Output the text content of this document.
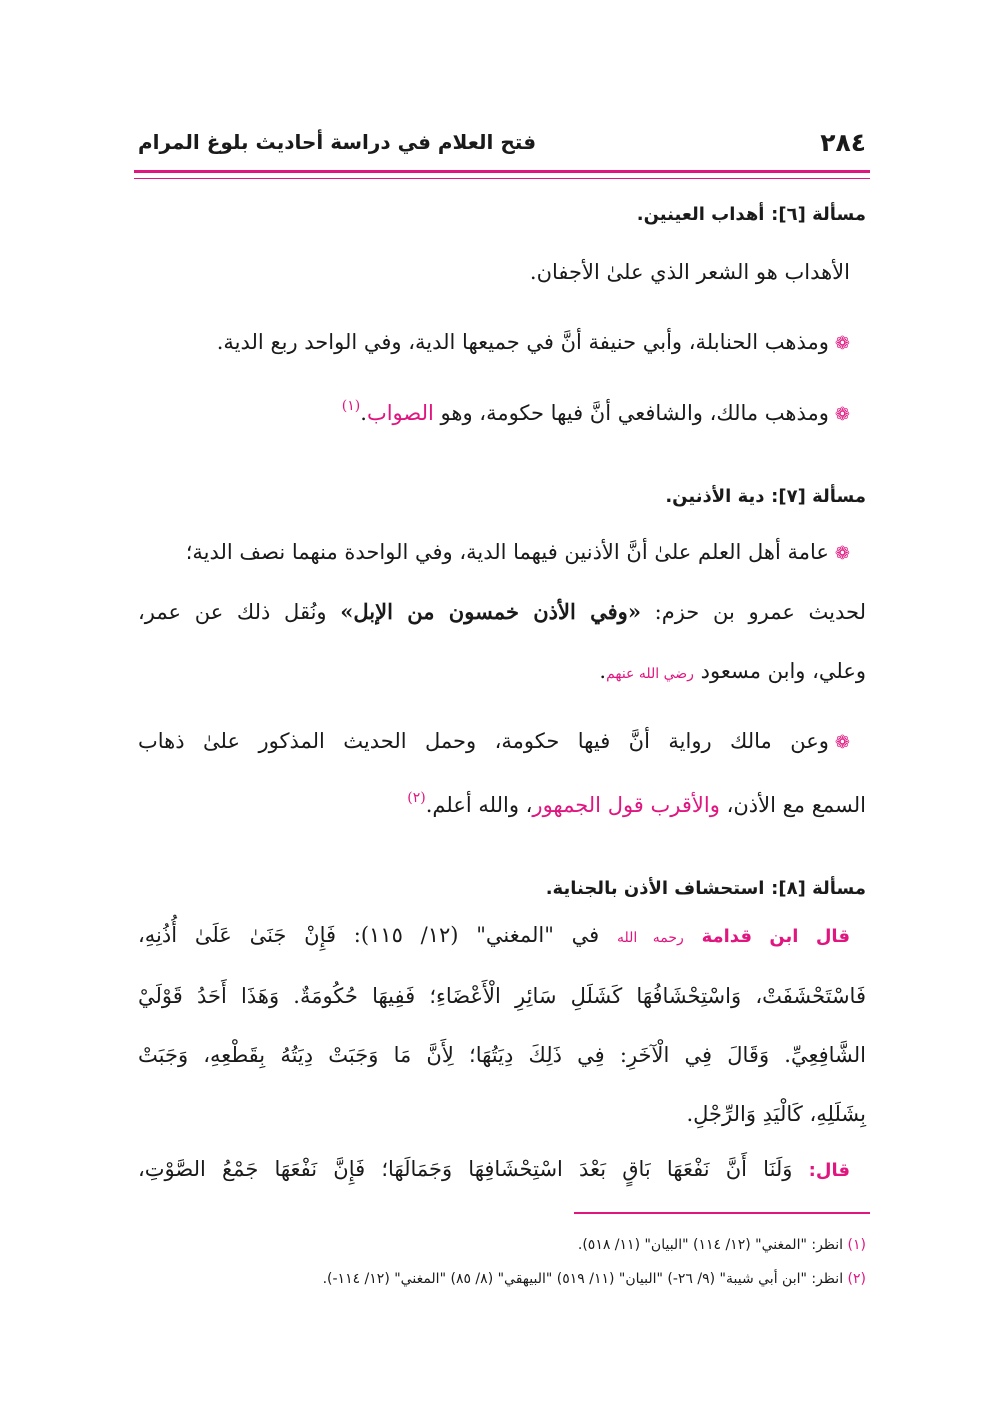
٢٨٤
فتح العلام في دراسة أحاديث بلوغ المرام
مسألة [٦]: أهداب العينين.
الأهداب هو الشعر الذي علىٰ الأجفان.
❁ومذهب الحنابلة، وأبي حنيفة أنَّ في جميعها الدية، وفي الواحد ربع الدية.
❁ومذهب مالك، والشافعي أنَّ فيها حكومة، وهو الصواب.$^{(١)}$
مسألة [٧]: دية الأذنين.
❁عامة أهل العلم علىٰ أنَّ الأذنين فيهما الدية، وفي الواحدة منهما نصف الدية؛
لحديث عمرو بن حزم: «وفي الأذن خمسون من الإبل» ونُقل ذلك عن عمر،
وعلي، وابن مسعود رضي الله عنهم.
❁وعن مالك رواية أنَّ فيها حكومة، وحمل الحديث المذكور علىٰ ذهاب
السمع مع الأذن، والأقرب قول الجمهور، والله أعلم.$^{(٢)}$
مسألة [٨]: استحشاف الأذن بالجناية.
قال ابن قدامة رحمه الله في "المغني" (١٢/ ١١٥): فَإِنْ جَنَىٰ عَلَىٰ أُذُنِهِ،
فَاسْتَحْشَفَتْ، وَاسْتِحْشَافُهَا كَشَلَلِ سَائِرِ الْأَعْضَاءِ؛ فَفِيهَا حُكُومَةٌ. وَهَذَا أَحَدُ قَوْلَيْ
الشَّافِعِيِّ. وَقَالَ فِي الْآخَرِ: فِي ذَلِكَ دِيَتُهَا؛ لِأَنَّ مَا وَجَبَتْ دِيَتُهُ بِقَطْعِهِ، وَجَبَتْ
بِشَلَلِهِ، كَالْيَدِ وَالرِّجْلِ.
قال: وَلَنَا أَنَّ نَفْعَهَا بَاقٍ بَعْدَ اسْتِحْشَافِهَا وَجَمَالَهَا؛ فَإِنَّ نَفْعَهَا جَمْعُ الصَّوْتِ،
(١) انظر: "المغني" (١٢/ ١١٤) "البيان" (١١/ ٥١٨).
(٢) انظر: "ابن أبي شيبة" (٩/ ٢٦-) "البيان" (١١/ ٥١٩) "البيهقي" (٨/ ٨٥) "المغني" (١٢/ ١١٤-).
